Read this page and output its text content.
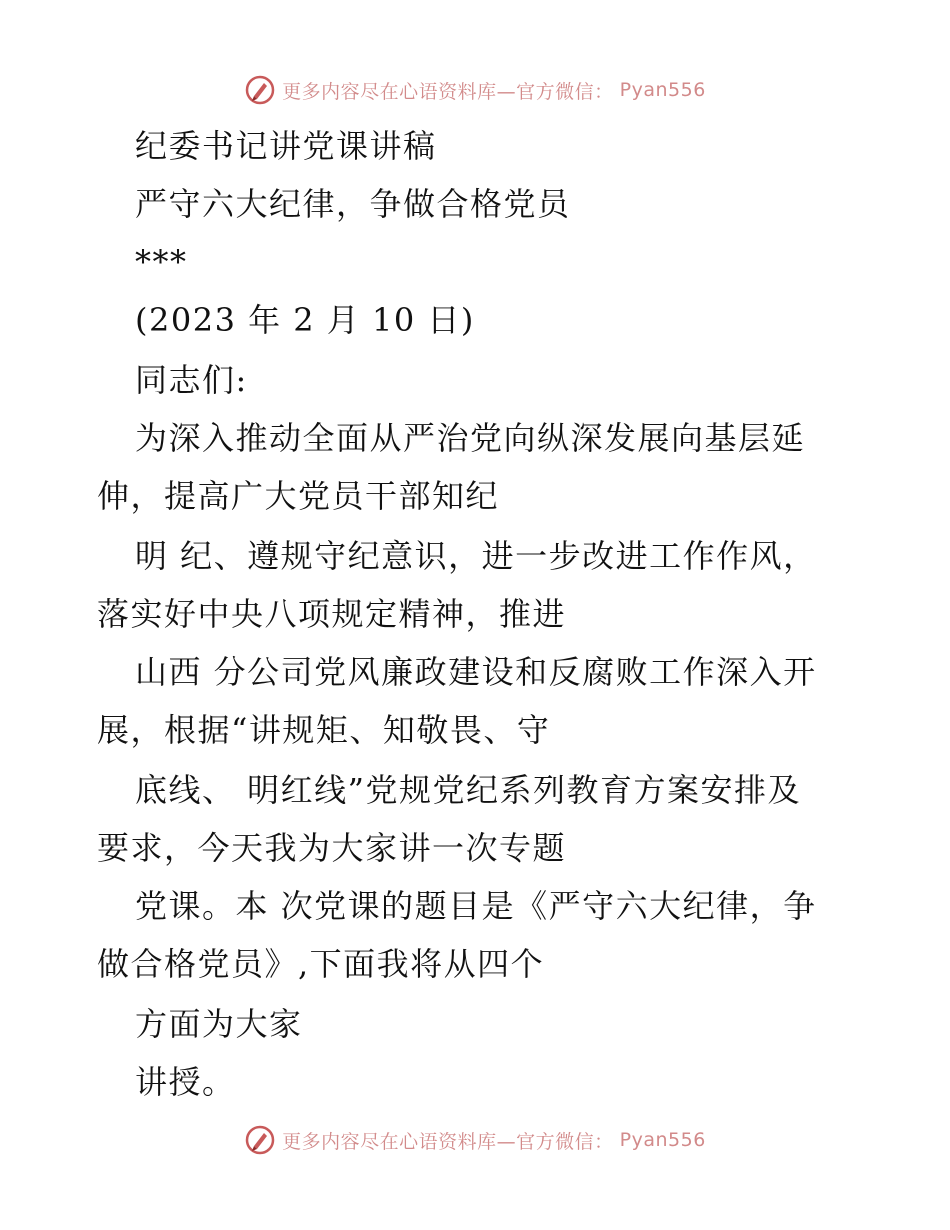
更多内容尽在心语资料库—官方微信： Pyan556
纪委书记讲党课讲稿
严守六大纪律，争做合格党员
***
(2023 年 2 月 10 日)
同志们:
为深入推动全面从严治党向纵深发展向基层延
伸，提高广大党员干部知纪
明 纪、遵规守纪意识，进一步改进工作作风，
落实好中央八项规定精神，推进
山西 分公司党风廉政建设和反腐败工作深入开
展，根据“讲规矩、知敬畏、守
底线、 明红线”党规党纪系列教育方案安排及
要求，今天我为大家讲一次专题
党课。本 次党课的题目是《严守六大纪律，争
做合格党员》,下面我将从四个
方面为大家
讲授。
更多内容尽在心语资料库—官方微信： Pyan556
